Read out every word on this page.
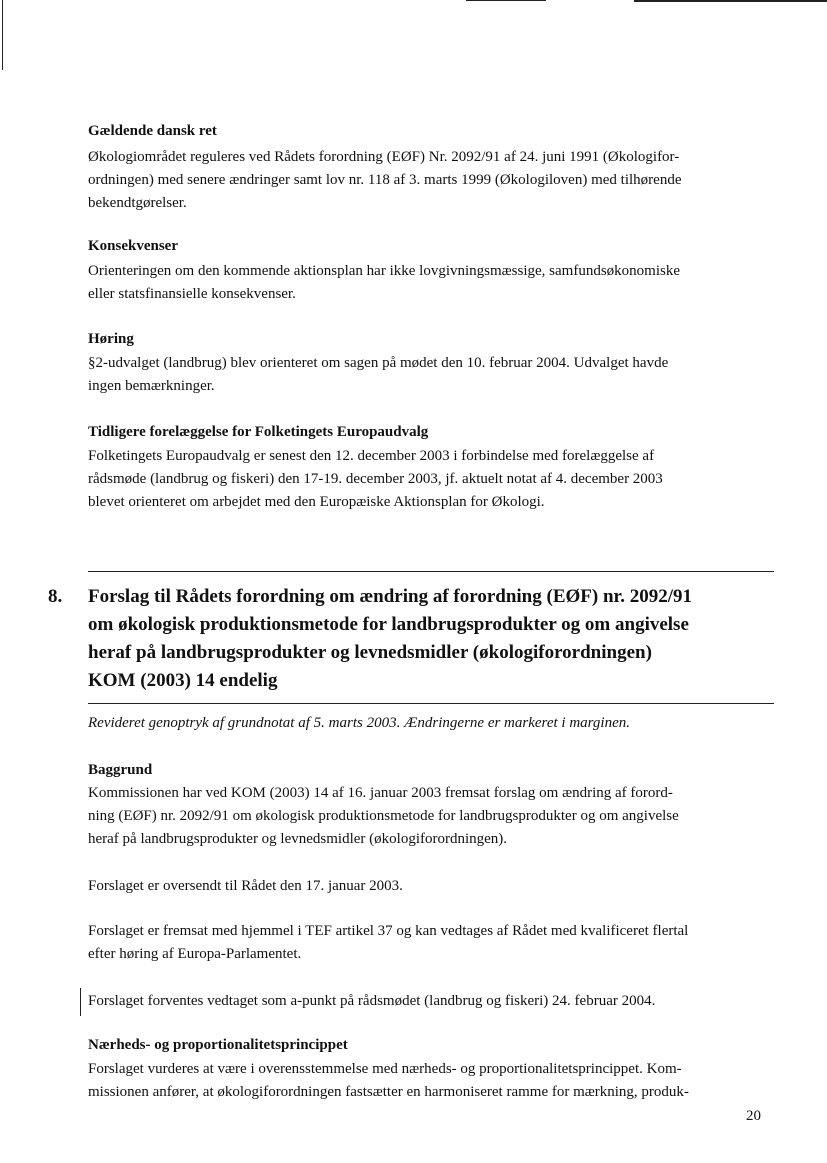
Gældende dansk ret

Økologiområdet reguleres ved Rådets forordning (EØF) Nr. 2092/91 af 24. juni 1991 (Økologifor-

ordningen) med senere ændringer samt lov nr. 118 af 3. marts 1999 (Økologiloven) med tilhørende

bekendtgørelser.

Konsekvenser

Orienteringen om den kommende aktionsplan har ikke lovgivningsmæssige, samfundsøkonomiske

eller statsfinansielle konsekvenser.

Høring

§2-udvalget (landbrug) blev orienteret om sagen på mødet den 10. februar 2004. Udvalget havde

ingen bemærkninger.

Tidligere forelæggelse for Folketingets Europaudvalg

Folketingets Europaudvalg er senest den 12. december 2003 i forbindelse med forelæggelse af

rådsmøde (landbrug og fiskeri) den 17-19. december 2003, jf. aktuelt notat af 4. december 2003

blevet orienteret om arbejdet med den Europæiske Aktionsplan for Økologi.

8. Forslag til Rådets forordning om ændring af forordning (EØF) nr. 2092/91
om økologisk produktionsmetode for landbrugsprodukter og om angivelse
heraf på landbrugsprodukter og levnedsmidler (økologiforordningen)
KOM (2003) 14 endelig
Revideret genoptryk af grundnotat af 5. marts 2003. Ændringerne er markeret i marginen.
Baggrund

Kommissionen har ved KOM (2003) 14 af 16. januar 2003 fremsat forslag om ændring af forord-

ning (EØF) nr. 2092/91 om økologisk produktionsmetode for landbrugsprodukter og om angivelse

heraf på landbrugsprodukter og levnedsmidler (økologiforordningen).

Forslaget er oversendt til Rådet den 17. januar 2003.

Forslaget er fremsat med hjemmel i TEF artikel 37 og kan vedtages af Rådet med kvalificeret flertal

efter høring af Europa-Parlamentet.

Forslaget forventes vedtaget som a-punkt på rådsmødet (landbrug og fiskeri) 24. februar 2004.
Nærheds- og proportionalitetsprincippet

Forslaget vurderes at være i overensstemmelse med nærheds- og proportionalitetsprincippet. Kom-

missionen anfører, at økologiforordningen fastsætter en harmoniseret ramme for mærkning, produk-

20
